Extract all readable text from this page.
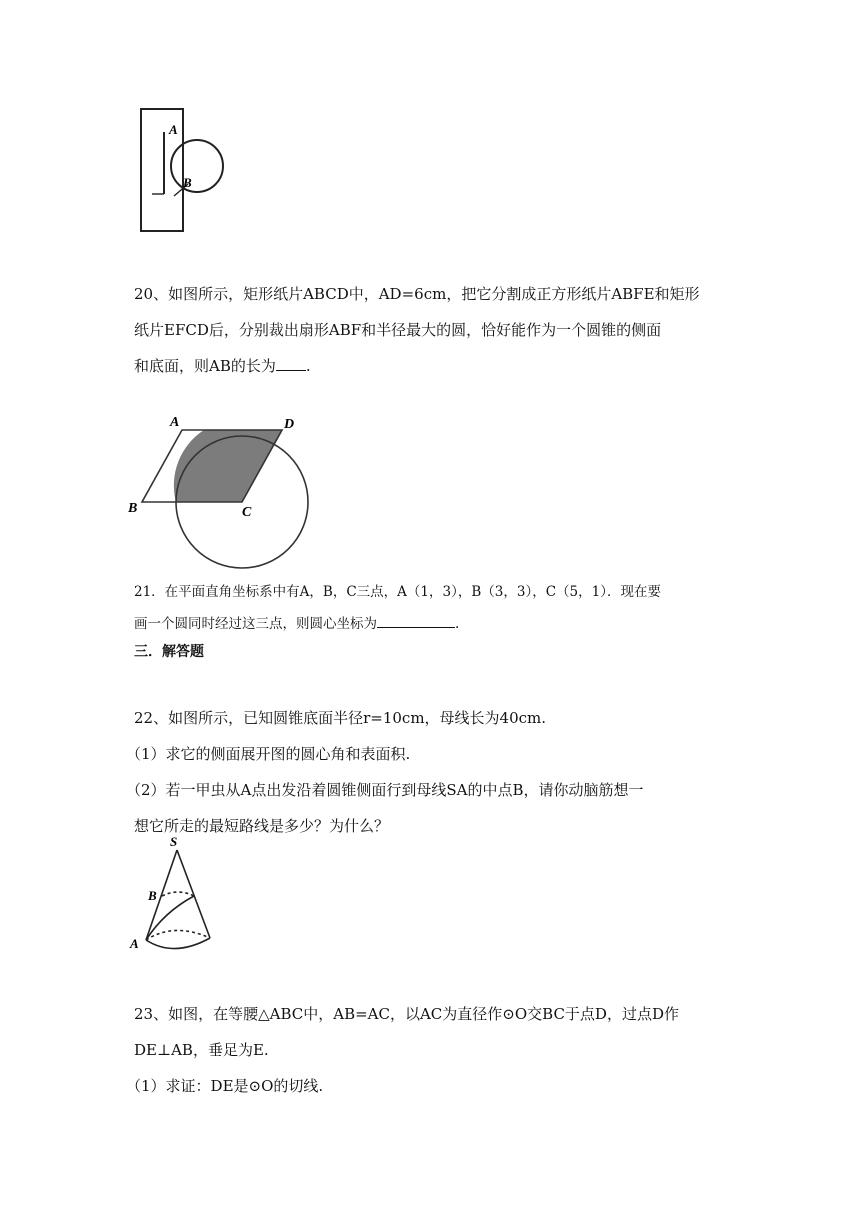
A
B
20、如图所示，矩形纸片ABCD中，AD=6cm，把它分割成正方形纸片ABFE和矩形
纸片EFCD后，分别裁出扇形ABF和半径最大的圆，恰好能作为一个圆锥的侧面
和底面，则AB的长为 .
A	D
B	C
21．在平面直角坐标系中有A，B，C三点，A（1，3），B（3，3），C（5，1）．现在要
画一个圆同时经过这三点，则圆心坐标为	.
三．解答题
22、如图所示，已知圆锥底面半径r=10cm，母线长为40cm.
（1）求它的侧面展开图的圆心角和表面积.
（2）若一甲虫从A点出发沿着圆锥侧面行到母线SA的中点B，请你动脑筋想一
想它所走的最短路线是多少？为什么？
S
B
A
23、如图，在等腰△ABC中，AB=AC，以AC为直径作⊙O交BC于点D，过点D作
DE⊥AB，垂足为E.
（1）求证：DE是⊙O的切线.
